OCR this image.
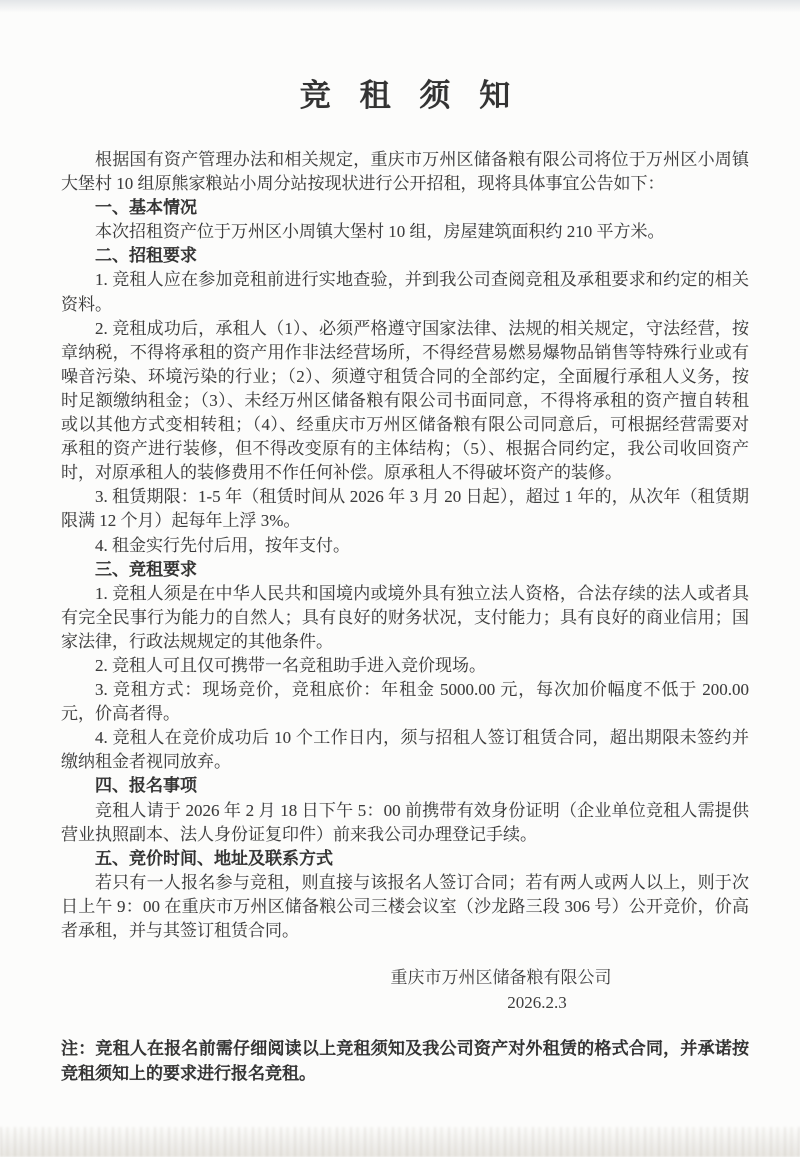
竞租须知

根据国有资产管理办法和相关规定，重庆市万州区储备粮有限公司将位于万州区小周镇大堡村 10 组原熊家粮站小周分站按现状进行公开招租，现将具体事宜公告如下：

一、基本情况

本次招租资产位于万州区小周镇大堡村 10 组，房屋建筑面积约 210 平方米。

二、招租要求

1. 竞租人应在参加竞租前进行实地查验，并到我公司查阅竞租及承租要求和约定的相关资料。

2. 竞租成功后，承租人（1）、必须严格遵守国家法律、法规的相关规定，守法经营，按章纳税，不得将承租的资产用作非法经营场所，不得经营易燃易爆物品销售等特殊行业或有噪音污染、环境污染的行业；（2）、须遵守租赁合同的全部约定，全面履行承租人义务，按时足额缴纳租金；（3）、未经万州区储备粮有限公司书面同意，不得将承租的资产擅自转租或以其他方式变相转租；（4）、经重庆市万州区储备粮有限公司同意后，可根据经营需要对承租的资产进行装修，但不得改变原有的主体结构；（5）、根据合同约定，我公司收回资产时，对原承租人的装修费用不作任何补偿。原承租人不得破坏资产的装修。

3. 租赁期限：1-5 年（租赁时间从 2026 年 3 月 20 日起），超过 1 年的，从次年（租赁期限满 12 个月）起每年上浮 3%。

4. 租金实行先付后用，按年支付。

三、竞租要求

1. 竞租人须是在中华人民共和国境内或境外具有独立法人资格，合法存续的法人或者具有完全民事行为能力的自然人；具有良好的财务状况，支付能力；具有良好的商业信用；国家法律，行政法规规定的其他条件。

2. 竞租人可且仅可携带一名竞租助手进入竞价现场。

3. 竞租方式：现场竞价，竞租底价：年租金 5000.00 元，每次加价幅度不低于 200.00 元，价高者得。

4. 竞租人在竞价成功后 10 个工作日内，须与招租人签订租赁合同，超出期限未签约并缴纳租金者视同放弃。

四、报名事项

竞租人请于 2026 年 2 月 18 日下午 5：00 前携带有效身份证明（企业单位竞租人需提供营业执照副本、法人身份证复印件）前来我公司办理登记手续。

五、竞价时间、地址及联系方式

若只有一人报名参与竞租，则直接与该报名人签订合同；若有两人或两人以上，则于次日上午 9：00 在重庆市万州区储备粮公司三楼会议室（沙龙路三段 306 号）公开竞价，价高者承租，并与其签订租赁合同。

重庆市万州区储备粮有限公司
2026.2.3
注：竞租人在报名前需仔细阅读以上竞租须知及我公司资产对外租赁的格式合同，并承诺按竞租须知上的要求进行报名竞租。
